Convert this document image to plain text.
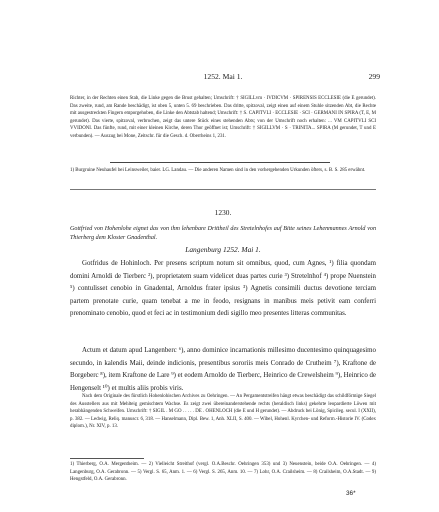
1252. Mai 1.	299

Richter, in der Rechten einen Stab, die Linke gegen die Brust gehalten; Umschrift: † SIGILLvm · IVDICVM · SPIRENSIS ECCLESIE (die E gerundet). Das zweite, rund, am Rande beschädigt, ist oben 5, unten 5. 69 beschrieben. Das dritte, spitzoval, zeigt einen auf einem Stuhle sitzenden Abt, die Rechte mit ausgestreckten Fingern emporgehoben, die Linke den Abtstab haltend; Umschrift: † S. CAPITVLI · ECCLESIE · SCI · GERMANI IN SPIRA (T, E, M gerundet). Das vierte, spitzoval, verbrochen, zeigt das untere Stück eines stehenden Abts; von der Umschrift noch erhalten: ... VM CAPITVLI SCI VVIDONI. Das fünfte, rund, mit einer kleinen Kirche, deren Thor geöffnet ist; Umschrift: † SIGILLVM · S · TRINITA... SPIRA (M gerundet, T und E verbunden). — Auszug bei Mone, Zeitschr. für die Gesch. d. Oberrheins 1, 231.

1) Burgruine Neuhaufel bei Leinsweiler, baier. LG. Landau. — Die anderen Namen sind in den vorhergehenden Urkunden öfters, s. B. S. 285 erwähnt.

1230.

Gottfried von Hohenlohe eignet das von ihm lehenbare Drittheil des Stretelnhofes auf Bitte seines Lehenmannes Arnold von Thierberg dem Kloster Gnadenthal.

Langenburg 1252. Mai 1.

Gotfridus de Hohinloch. Per presens scriptum notum sit omnibus, quod, cum Agnes, ¹) filia quondam domini Arnoldi de Tierberc ²), proprietatem suam videlicet duas partes curie ³) Stretelnhof ⁴) prope Nuenstein ⁵) contulisset cenobio in Gnadental, Arnoldus frater ipsius ³) Agnetis consimili ductus devotione terciam partem prenotate curie, quam tenebat a me in feodo, resignans in manibus meis petivit eam conferri prenominato cenobio, quod et feci ac in testimonium dedi sigillo meo presentes litteras communitas.

Actum et datum apud Langenberc ⁶), anno dominice incarnationis millesimo ducentesimo quinquagesimo secundo, in kalendis Maii, deinde indicionis, presentibus sororiis meis Conrado de Crutheim ⁷), Kraftone de Borgeberc ⁸), item Kraftone de Lare ⁹) et eodem Arnoldo de Tierberc, Heinrico de Crewelsheim ⁹), Heinrico de Hengenselt ¹⁰) et multis aliis probis viris.

Nach dem Originale des fürstlich Hohenlohischen Archives zu Oehringen. — An Pergamentstreifen hängt etwas beschädigt das schildförmige Siegel des Ausstellers aus mit Mehlteig gemischtem Wachse. Es zeigt zwei übereinanderstehende rechts (heraldisch links) gekehrte leopardierte Löwen mit herabhängenden Schweifen. Umschrift: † SIGIL . M GO . . . . . DE . OHENLOCH (die E und H gerundet). — Abdruck bei Lönig, Spicileg. secul. I (XXII), p. 382. — Ledwig, Reliq. manuscr. 6, 318. — Hanselmann, Dipl. Bew. 1, Anh. XLII, S. 400. — Wibel, Hohenl. Kyrchen- und Reform.-Historie IV. (Codex diplom.), Nr. XIV, p. 13.

1) Thierberg, O.A. Mergentheim. — 2) Vielleicht Streithof (vergl. O.A.Beschr. Oehringen 353) und 3) Neuenstein, beide O.A. Oehringen. — 4) Langenburg, O.A. Gerabronn. — 5) Vergl. S. 65, Anm. 1. — 6) Vergl. S. 265, Anm. 10. — 7) Lohr, O.A. Crailsheim. — 8) Crailsheim, O.A.Stadt. — 9) Hengstfeld, O.A. Gerabronn.

36*
